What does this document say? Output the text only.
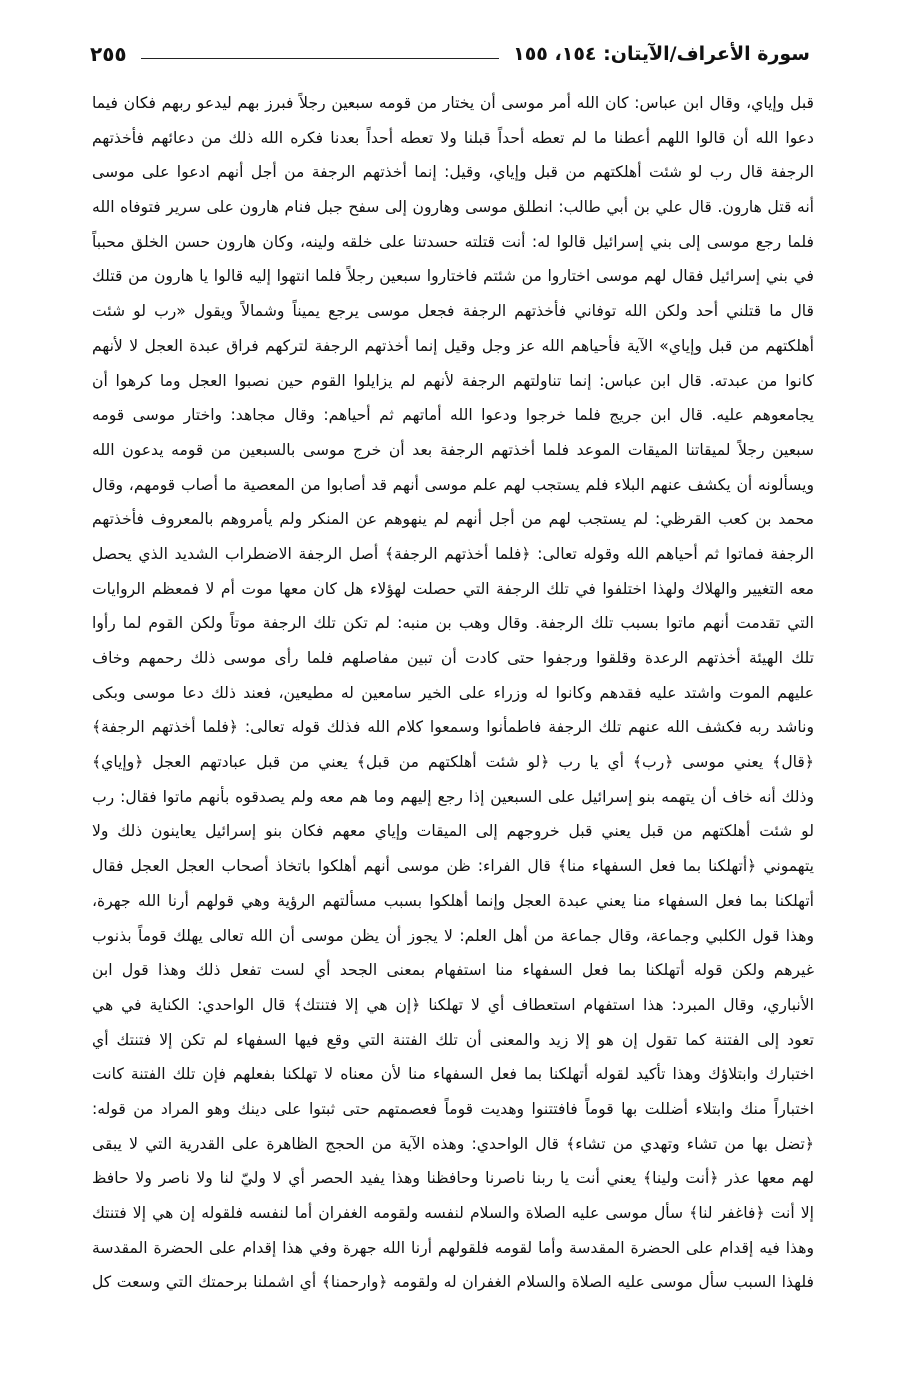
سورة الأعراف/الآيتان: ١٥٤، ١٥٥
٢٥٥
قبل وإياي، وقال ابن عباس: كان الله أمر موسى أن يختار من قومه سبعين رجلاً فبرز بهم ليدعو ربهم فكان فيما
دعوا الله أن قالوا اللهم أعطنا ما لم تعطه أحداً قبلنا ولا تعطه أحداً بعدنا فكره الله ذلك من دعائهم فأخذتهم
الرجفة قال رب لو شئت أهلكتهم من قبل وإياي، وقيل: إنما أخذتهم الرجفة من أجل أنهم ادعوا على موسى
أنه قتل هارون. قال علي بن أبي طالب: انطلق موسى وهارون إلى سفح جبل فنام هارون على سرير فتوفاه الله
فلما رجع موسى إلى بني إسرائيل قالوا له: أنت قتلته حسدتنا على خلقه ولينه، وكان هارون حسن الخلق محبباً
في بني إسرائيل فقال لهم موسى اختاروا من شئتم فاختاروا سبعين رجلاً فلما انتهوا إليه قالوا يا هارون من قتلك
قال ما قتلني أحد ولكن الله توفاني فأخذتهم الرجفة فجعل موسى يرجع يميناً وشمالاً ويقول «رب لو شئت
أهلكتهم من قبل وإياي» الآية فأحياهم الله عز وجل وقيل إنما أخذتهم الرجفة لتركهم فراق عبدة العجل لا لأنهم
كانوا من عبدته. قال ابن عباس: إنما تناولتهم الرجفة لأنهم لم يزايلوا القوم حين نصبوا العجل وما كرهوا أن
يجامعوهم عليه. قال ابن جريج فلما خرجوا ودعوا الله أماتهم ثم أحياهم: وقال مجاهد: واختار موسى قومه
سبعين رجلاً لميقاتنا الميقات الموعد فلما أخذتهم الرجفة بعد أن خرج موسى بالسبعين من قومه يدعون الله
ويسألونه أن يكشف عنهم البلاء فلم يستجب لهم علم موسى أنهم قد أصابوا من المعصية ما أصاب قومهم، وقال
محمد بن كعب القرظي: لم يستجب لهم من أجل أنهم لم ينهوهم عن المنكر ولم يأمروهم بالمعروف فأخذتهم
الرجفة فماتوا ثم أحياهم الله وقوله تعالى: ﴿فلما أخذتهم الرجفة﴾ أصل الرجفة الاضطراب الشديد الذي يحصل
معه التغيير والهلاك ولهذا اختلفوا في تلك الرجفة التي حصلت لهؤلاء هل كان معها موت أم لا فمعظم الروايات
التي تقدمت أنهم ماتوا بسبب تلك الرجفة. وقال وهب بن منبه: لم تكن تلك الرجفة موتاً ولكن القوم لما رأوا
تلك الهيئة أخذتهم الرعدة وقلقوا ورجفوا حتى كادت أن تبين مفاصلهم فلما رأى موسى ذلك رحمهم وخاف
عليهم الموت واشتد عليه فقدهم وكانوا له وزراء على الخير سامعين له مطيعين، فعند ذلك دعا موسى وبكى
وناشد ربه فكشف الله عنهم تلك الرجفة فاطمأنوا وسمعوا كلام الله فذلك قوله تعالى: ﴿فلما أخذتهم الرجفة﴾
﴿قال﴾ يعني موسى ﴿رب﴾ أي يا رب ﴿لو شئت أهلكتهم من قبل﴾ يعني من قبل عبادتهم العجل ﴿وإياي﴾
وذلك أنه خاف أن يتهمه بنو إسرائيل على السبعين إذا رجع إليهم وما هم معه ولم يصدقوه بأنهم ماتوا فقال: رب
لو شئت أهلكتهم من قبل يعني قبل خروجهم إلى الميقات وإياي معهم فكان بنو إسرائيل يعاينون ذلك ولا
يتهموني ﴿أتهلكنا بما فعل السفهاء منا﴾ قال الفراء: ظن موسى أنهم أهلكوا باتخاذ أصحاب العجل العجل فقال
أتهلكنا بما فعل السفهاء منا يعني عبدة العجل وإنما أهلكوا بسبب مسألتهم الرؤية وهي قولهم أرنا الله جهرة،
وهذا قول الكلبي وجماعة، وقال جماعة من أهل العلم: لا يجوز أن يظن موسى أن الله تعالى يهلك قوماً بذنوب
غيرهم ولكن قوله أتهلكنا بما فعل السفهاء منا استفهام بمعنى الجحد أي لست تفعل ذلك وهذا قول ابن
الأنباري، وقال المبرد: هذا استفهام استعطاف أي لا تهلكنا ﴿إن هي إلا فتنتك﴾ قال الواحدي: الكناية في هي
تعود إلى الفتنة كما تقول إن هو إلا زيد والمعنى أن تلك الفتنة التي وقع فيها السفهاء لم تكن إلا فتنتك أي
اختبارك وابتلاؤك وهذا تأكيد لقوله أتهلكنا بما فعل السفهاء منا لأن معناه لا تهلكنا بفعلهم فإن تلك الفتنة كانت
اختباراً منك وابتلاء أضللت بها قوماً فافتتنوا وهديت قوماً فعصمتهم حتى ثبتوا على دينك وهو المراد من قوله:
﴿تضل بها من تشاء وتهدي من تشاء﴾ قال الواحدي: وهذه الآية من الحجج الظاهرة على القدرية التي لا يبقى
لهم معها عذر ﴿أنت ولينا﴾ يعني أنت يا ربنا ناصرنا وحافظنا وهذا يفيد الحصر أي لا وليّ لنا ولا ناصر ولا حافظ
إلا أنت ﴿فاغفر لنا﴾ سأل موسى عليه الصلاة والسلام لنفسه ولقومه الغفران أما لنفسه فلقوله إن هي إلا فتنتك
وهذا فيه إقدام على الحضرة المقدسة وأما لقومه فلقولهم أرنا الله جهرة وفي هذا إقدام على الحضرة المقدسة
فلهذا السبب سأل موسى عليه الصلاة والسلام الغفران له ولقومه ﴿وارحمنا﴾ أي اشملنا برحمتك التي وسعت كل
